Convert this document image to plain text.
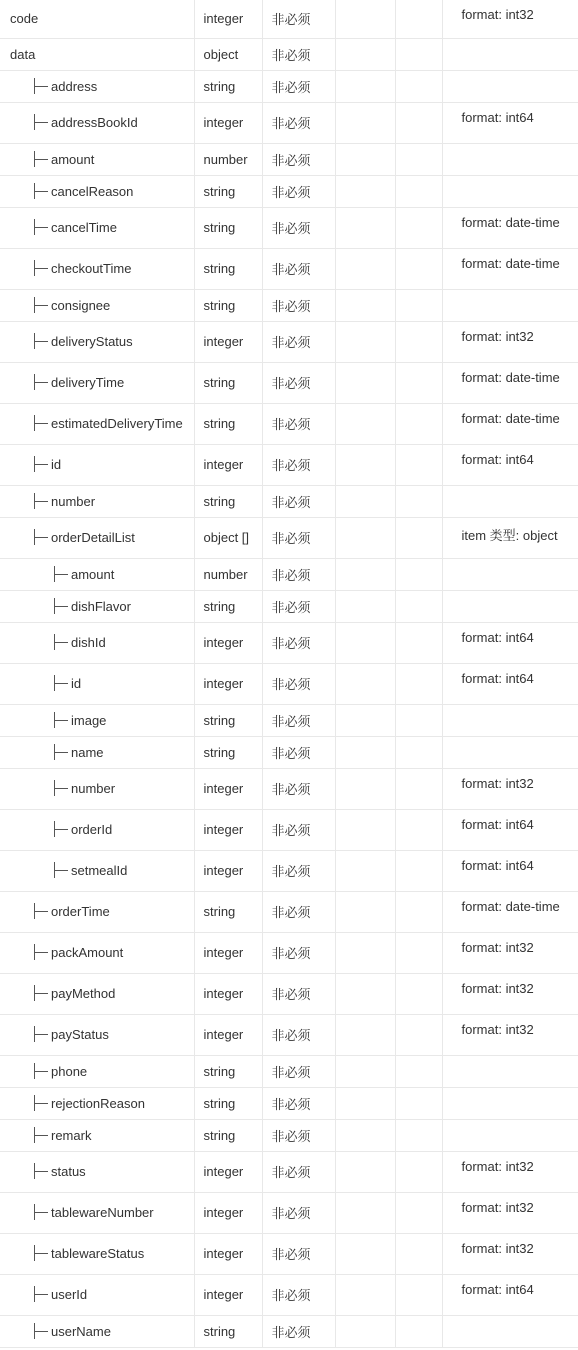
code	integer	非必须			format: int32
data	object	非必须			
address	string	非必须			
addressBookId	integer	非必须			format: int64
amount	number	非必须			
cancelReason	string	非必须			
cancelTime	string	非必须			format: date-time
checkoutTime	string	非必须			format: date-time
consignee	string	非必须			
deliveryStatus	integer	非必须			format: int32
deliveryTime	string	非必须			format: date-time
estimatedDeliveryTime	string	非必须			format: date-time
id	integer	非必须			format: int64
number	string	非必须			
orderDetailList	object []	非必须			item 类型: object
amount	number	非必须			
dishFlavor	string	非必须			
dishId	integer	非必须			format: int64
id	integer	非必须			format: int64
image	string	非必须			
name	string	非必须			
number	integer	非必须			format: int32
orderId	integer	非必须			format: int64
setmealId	integer	非必须			format: int64
orderTime	string	非必须			format: date-time
packAmount	integer	非必须			format: int32
payMethod	integer	非必须			format: int32
payStatus	integer	非必须			format: int32
phone	string	非必须			
rejectionReason	string	非必须			
remark	string	非必须			
status	integer	非必须			format: int32
tablewareNumber	integer	非必须			format: int32
tablewareStatus	integer	非必须			format: int32
userId	integer	非必须			format: int64
userName	string	非必须			
